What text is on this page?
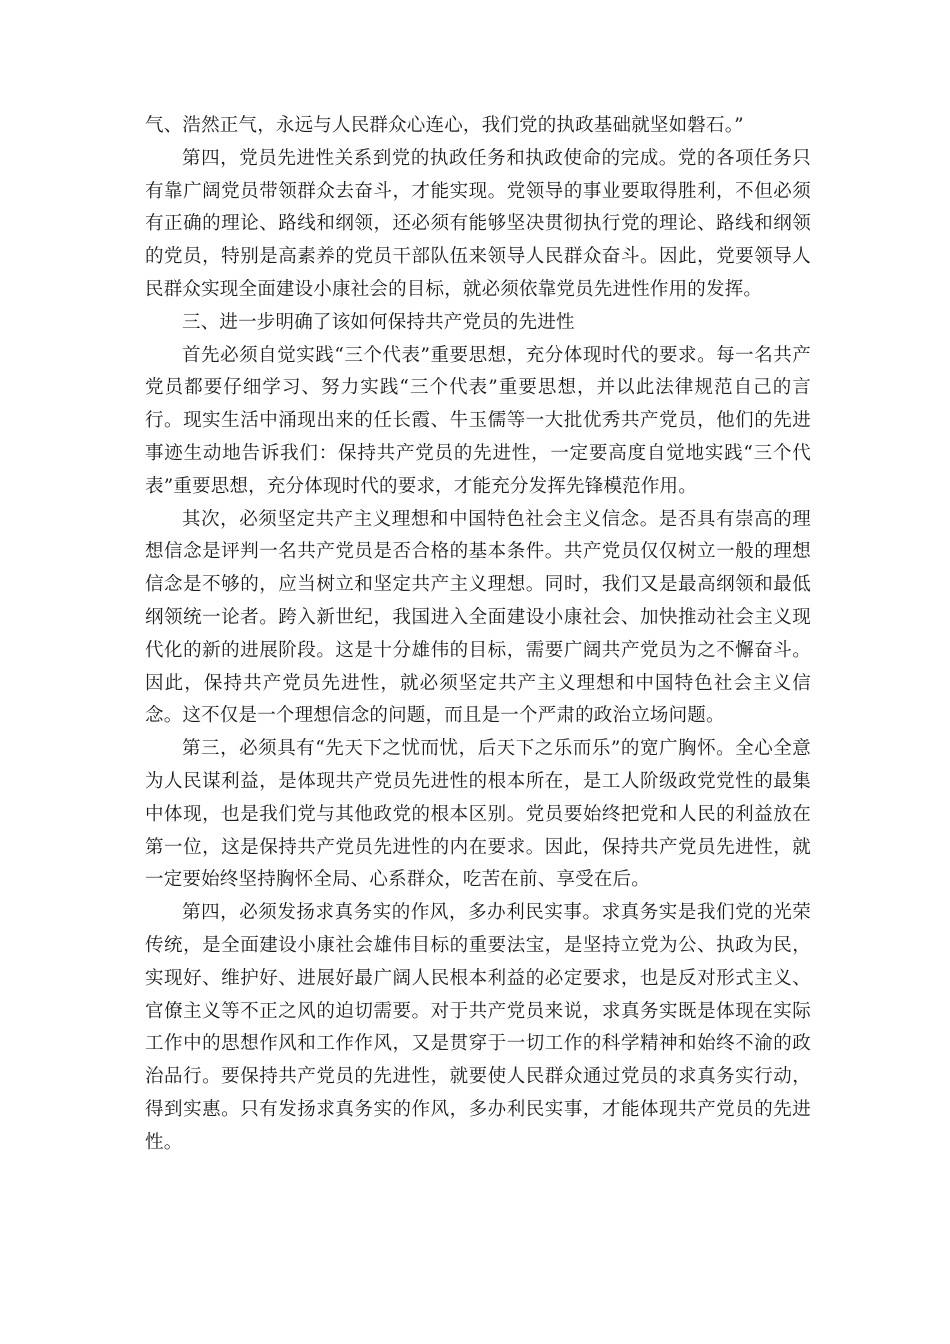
气、浩然正气，永远与人民群众心连心，我们党的执政基础就坚如磐石。”

第四，党员先进性关系到党的执政任务和执政使命的完成。党的各项任务只有靠广阔党员带领群众去奋斗，才能实现。党领导的事业要取得胜利，不但必须有正确的理论、路线和纲领，还必须有能够坚决贯彻执行党的理论、路线和纲领的党员，特别是高素养的党员干部队伍来领导人民群众奋斗。因此，党要领导人民群众实现全面建设小康社会的目标，就必须依靠党员先进性作用的发挥。

三、进一步明确了该如何保持共产党员的先进性

首先必须自觉实践“三个代表”重要思想，充分体现时代的要求。每一名共产党员都要仔细学习、努力实践“三个代表”重要思想，并以此法律规范自己的言行。现实生活中涌现出来的任长霞、牛玉儒等一大批优秀共产党员，他们的先进事迹生动地告诉我们：保持共产党员的先进性，一定要高度自觉地实践“三个代表”重要思想，充分体现时代的要求，才能充分发挥先锋模范作用。

其次，必须坚定共产主义理想和中国特色社会主义信念。是否具有崇高的理想信念是评判一名共产党员是否合格的基本条件。共产党员仅仅树立一般的理想信念是不够的，应当树立和坚定共产主义理想。同时，我们又是最高纲领和最低纲领统一论者。跨入新世纪，我国进入全面建设小康社会、加快推动社会主义现代化的新的进展阶段。这是十分雄伟的目标，需要广阔共产党员为之不懈奋斗。因此，保持共产党员先进性，就必须坚定共产主义理想和中国特色社会主义信念。这不仅是一个理想信念的问题，而且是一个严肃的政治立场问题。

第三，必须具有“先天下之忧而忧，后天下之乐而乐”的宽广胸怀。全心全意为人民谋利益，是体现共产党员先进性的根本所在，是工人阶级政党党性的最集中体现，也是我们党与其他政党的根本区别。党员要始终把党和人民的利益放在第一位，这是保持共产党员先进性的内在要求。因此，保持共产党员先进性，就一定要始终坚持胸怀全局、心系群众，吃苦在前、享受在后。

第四，必须发扬求真务实的作风，多办利民实事。求真务实是我们党的光荣传统，是全面建设小康社会雄伟目标的重要法宝，是坚持立党为公、执政为民，实现好、维护好、进展好最广阔人民根本利益的必定要求，也是反对形式主义、官僚主义等不正之风的迫切需要。对于共产党员来说，求真务实既是体现在实际工作中的思想作风和工作作风，又是贯穿于一切工作的科学精神和始终不渝的政治品行。要保持共产党员的先进性，就要使人民群众通过党员的求真务实行动，得到实惠。只有发扬求真务实的作风，多办利民实事，才能体现共产党员的先进性。
